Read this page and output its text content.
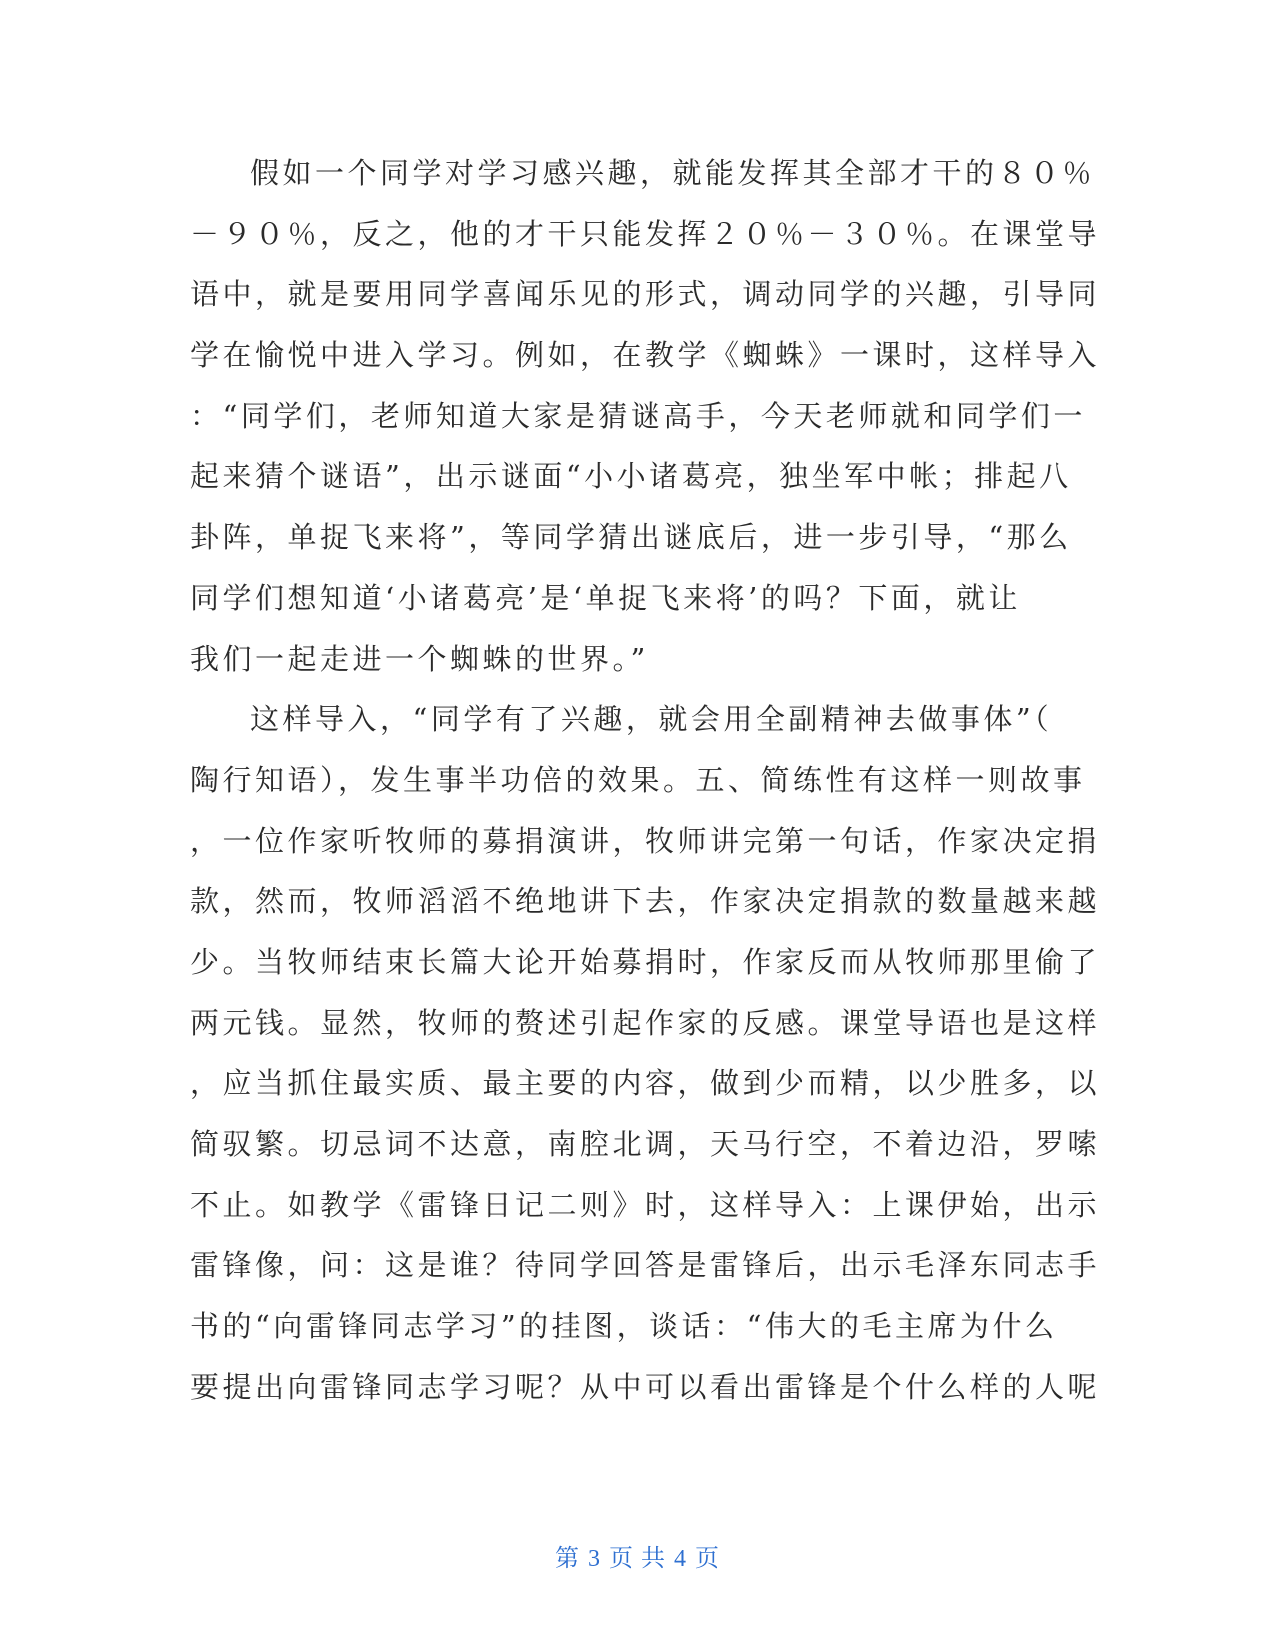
假如一个同学对学习感兴趣，就能发挥其全部才干的８０％
－９０％，反之，他的才干只能发挥２０％－３０％。在课堂导
语中，就是要用同学喜闻乐见的形式，调动同学的兴趣，引导同
学在愉悦中进入学习。例如，在教学《蜘蛛》一课时，这样导入
：“同学们，老师知道大家是猜谜高手，今天老师就和同学们一
起来猜个谜语”，出示谜面“小小诸葛亮，独坐军中帐；排起八
卦阵，单捉飞来将”，等同学猜出谜底后，进一步引导，“那么
同学们想知道‘小诸葛亮’是‘单捉飞来将’的吗？下面，就让
我们一起走进一个蜘蛛的世界。”
这样导入，“同学有了兴趣，就会用全副精神去做事体”（
陶行知语），发生事半功倍的效果。五、简练性有这样一则故事
，一位作家听牧师的募捐演讲，牧师讲完第一句话，作家决定捐
款，然而，牧师滔滔不绝地讲下去，作家决定捐款的数量越来越
少。当牧师结束长篇大论开始募捐时，作家反而从牧师那里偷了
两元钱。显然，牧师的赘述引起作家的反感。课堂导语也是这样
，应当抓住最实质、最主要的内容，做到少而精，以少胜多，以
简驭繁。切忌词不达意，南腔北调，天马行空，不着边沿，罗嗦
不止。如教学《雷锋日记二则》时，这样导入：上课伊始，出示
雷锋像，问：这是谁？待同学回答是雷锋后，出示毛泽东同志手
书的“向雷锋同志学习”的挂图，谈话：“伟大的毛主席为什么
要提出向雷锋同志学习呢？从中可以看出雷锋是个什么样的人呢
第 3 页 共 4 页
